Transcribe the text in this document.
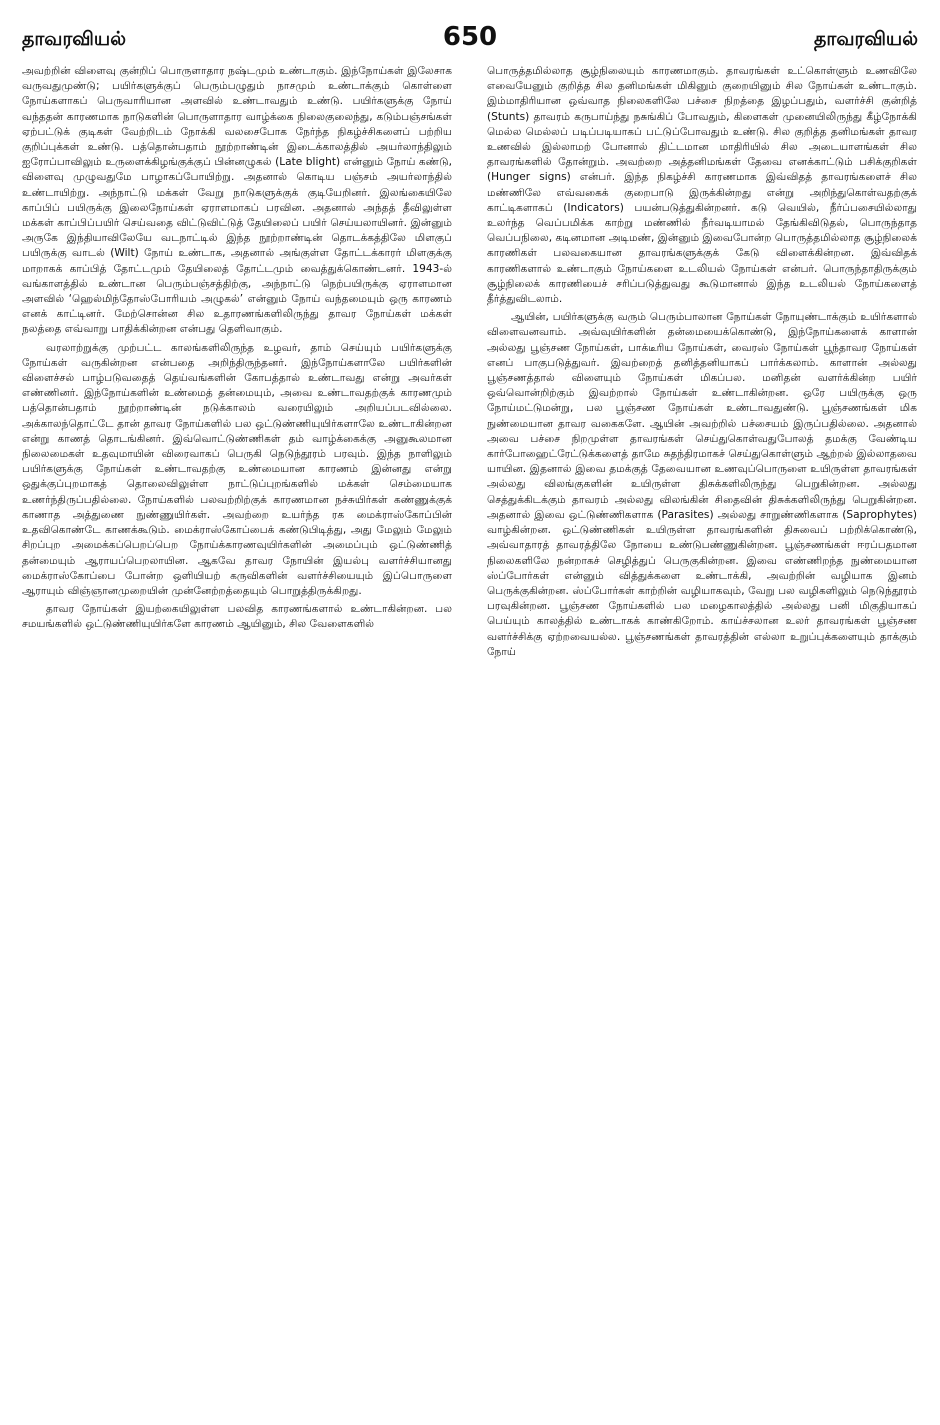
தாவரவியல்	650	தாவரவியல்

அவற்றின் விளைவு குன்றிப் பொருளாதார நஷ்டமும் உண்டாகும். இந்நோய்கள் இலேசாக வருவதுமுண்டு; பயிர்களுக்குப் பெரும்பழுதும் நாசமும் உண்டாக்கும் கொள்ளை நோய்களாகப் பெருவாரியான அளவில் உண்டாவதும் உண்டு. பயிர்களுக்கு நோய் வந்ததன் காரணமாக நாடுகளின் பொருளாதார வாழ்க்கை நிலைகுலைந்து, கடும்பஞ்சங்கள் ஏற்பட்டுக் குடிகள் வேற்றிடம் நோக்கி வலசைபோக நேர்ந்த நிகழ்ச்சிகளைப் பற்றிய குறிப்புக்கள் உண்டு. பத்தொன்பதாம் நூற்றாண்டின் இடைக்காலத்தில் அயர்லாந்திலும் ஐரோப்பாவிலும் உருளைக்கிழங்குக்குப் பின்னழுகல் (Late blight) என்னும் நோய் கண்டு, விளைவு முழுவதுமே பாழாகப்போயிற்று. அதனால் கொடிய பஞ்சம் அயர்லாந்தில் உண்டாயிற்று. அந்நாட்டு மக்கள் வேறு நாடுகளுக்குக் குடியேறினர். இலங்கையிலே காப்பிப் பயிருக்கு இலைநோய்கள் ஏராளமாகப் பரவின. அதனால் அந்தத் தீவிலுள்ள மக்கள் காப்பிப்பயிர் செய்வதை விட்டுவிட்டுத் தேயிலைப் பயிர் செய்யலாயினர். இன்னும் அருகே இந்தியாவிலேயே வடநாட்டில் இந்த நூற்றாண்டின் தொடக்கத்திலே மிளகுப் பயிருக்கு வாடல் (Wilt) நோய் உண்டாக, அதனால் அங்குள்ள தோட்டக்காரர் மிளகுக்கு மாறாகக் காப்பித் தோட்டமும் தேயிலைத் தோட்டமும் வைத்துக்கொண்டனர். 1943-ல் வங்காளத்தில் உண்டான பெரும்பஞ்சத்திற்கு, அந்நாட்டு நெற்பயிருக்கு ஏராளமான அளவில் ‘ஹெல்மிந்தோஸ்போரியம் அழுகல்’ என்னும் நோய் வந்தமையும் ஒரு காரணம் எனக் காட்டினர். மேற்சொன்ன சில உதாரணங்களிலிருந்து தாவர நோய்கள் மக்கள் நலத்தை எவ்வாறு பாதிக்கின்றன என்பது தெளிவாகும்.

வரலாற்றுக்கு முற்பட்ட காலங்களிலிருந்த உழவர், தாம் செய்யும் பயிர்களுக்கு நோய்கள் வருகின்றன என்பதை அறிந்திருந்தனர். இந்நோய்களாலே பயிர்களின் விளைச்சல் பாழ்படுவதைத் தெய்வங்களின் கோபத்தால் உண்டாவது என்று அவர்கள் எண்ணினர். இந்நோய்களின் உண்மைத் தன்மையும், அவை உண்டாவதற்குக் காரணமும் பத்தொன்பதாம் நூற்றாண்டின் நடுக்காலம் வரையிலும் அறியப்படவில்லை. அக்காலந்தொட்டே தான் தாவர நோய்களில் பல ஒட்டுண்ணியுயிர்களாலே உண்டாகின்றன என்று காணத் தொடங்கினர். இவ்வொட்டுண்ணிகள் தம் வாழ்க்கைக்கு அனுகூலமான நிலைமைகள் உதவுமாயின் விரைவாகப் பெருகி நெடுந்தூரம் பரவும். இந்த நாளிலும் பயிர்களுக்கு நோய்கள் உண்டாவதற்கு உண்மையான காரணம் இன்னது என்று ஒதுக்குப்புறமாகத் தொலைவிலுள்ள நாட்டுப்புறங்களில் மக்கள் செம்மையாக உணர்ந்திருப்பதில்லை. நோய்களில் பலவற்றிற்குக் காரணமான நச்சுயிர்கள் கண்ணுக்குக் காணாத அத்துணை நுண்ணுயிர்கள். அவற்றை உயர்ந்த ரக மைக்ராஸ்கோப்பின் உதவிகொண்டே காணக்கூடும். மைக்ராஸ்கோப்பைக் கண்டுபிடித்து, அது மேலும் மேலும் சிறப்புற அமைக்கப்பெறப்பெற நோய்க்காரணவுயிர்களின் அமைப்பும் ஒட்டுண்ணித் தன்மையும் ஆராயப்பெறலாயின. ஆகவே தாவர நோயின் இயல்பு வளர்ச்சியானது மைக்ராஸ்கோப்பை போன்ற ஒளியியற் கருவிகளின் வளர்ச்சியையும் இப்பொருளை ஆராயும் விஞ்ஞானமுறையின் முன்னேற்றத்தையும் பொறுத்திருக்கிறது.

தாவர நோய்கள் இயற்கையிலுள்ள பலவித காரணங்களால் உண்டாகின்றன. பல சமயங்களில் ஒட்டுண்ணியுயிர்களே காரணம் ஆயினும், சில வேளைகளில்

பொருத்தமில்லாத சூழ்நிலையும் காரணமாகும். தாவரங்கள் உட்கொள்ளும் உணவிலே எவையேனும் குறித்த சில தனிமங்கள் மிகினும் குறையினும் சில நோய்கள் உண்டாகும். இம்மாதிரியான ஒவ்வாத நிலைகளிலே பச்சை நிறத்தை இழப்பதும், வளர்ச்சி குன்றித் (Stunts) தாவரம் கருபாய்ந்து நசுங்கிப் போவதும், கிளைகள் முனையிலிருந்து கீழ்நோக்கி மெல்ல மெல்லப் படிப்படியாகப் பட்டுப்போவதும் உண்டு. சில குறித்த தனிமங்கள் தாவர உணவில் இல்லாமற் போனால் திட்டமான மாதிரியில் சில அடையாளங்கள் சில தாவரங்களில் தோன்றும். அவற்றை அத்தனிமங்கள் தேவை எனக்காட்டும் பசிக்குறிகள் (Hunger signs) என்பர். இந்த நிகழ்ச்சி காரணமாக இவ்விதத் தாவரங்களைச் சில மண்ணிலே எவ்வகைக் குறைபாடு இருக்கின்றது என்று அறிந்துகொள்வதற்குக் காட்டிகளாகப் (Indicators) பயன்படுத்துகின்றனர். கடு வெயில், நீர்ப்பசையில்லாது உலர்ந்த வெப்பமிக்க காற்று மண்ணில் நீர்வடியாமல் தேங்கிவிடுதல், பொருந்தாத வெப்பநிலை, கடினமான அடிமண், இன்னும் இவைபோன்ற பொருத்தமில்லாத சூழ்நிலைக் காரணிகள் பலவகையான தாவரங்களுக்குக் கேடு விளைக்கின்றன. இவ்விதக் காரணிகளால் உண்டாகும் நோய்களை உடலியல் நோய்கள் என்பர். பொருந்தாதிருக்கும் சூழ்நிலைக் காரணியைச் சரிப்படுத்துவது கூடுமானால் இந்த உடலியல் நோய்களைத் தீர்த்துவிடலாம்.

ஆயின், பயிர்களுக்கு வரும் பெரும்பாலான நோய்கள் நோயுண்டாக்கும் உயிர்களால் விளைவனவாம். அவ்வுயிர்களின் தன்மையைக்கொண்டு, இந்நோய்களைக் காளான் அல்லது பூஞ்சண நோய்கள், பாக்டீரிய நோய்கள், வைரஸ் நோய்கள் பூந்தாவர நோய்கள் எனப் பாகுபடுத்துவர். இவற்றைத் தனித்தனியாகப் பார்க்கலாம். காளான் அல்லது பூஞ்சணத்தால் விளையும் நோய்கள் மிகப்பல. மனிதன் வளர்க்கின்ற பயிர் ஒவ்வொன்றிற்கும் இவற்றால் நோய்கள் உண்டாகின்றன. ஒரே பயிருக்கு ஒரு நோய்மட்டுமன்று, பல பூஞ்சண நோய்கள் உண்டாவதுண்டு. பூஞ்சணங்கள் மிக நுண்மையான தாவர வகைகளே. ஆயின் அவற்றில் பச்சையம் இருப்பதில்லை. அதனால் அவை பச்சை நிறமுள்ள தாவரங்கள் செய்துகொள்வதுபோலத் தமக்கு வேண்டிய கார்போஹைட்ரேட்டுக்களைத் தாமே சுதந்திரமாகச் செய்துகொள்ளும் ஆற்றல் இல்லாதவை யாயின. இதனால் இவை தமக்குத் தேவையான உணவுப்பொருளை உயிருள்ள தாவரங்கள் அல்லது விலங்குகளின் உயிருள்ள திசுக்களிலிருந்து பெறுகின்றன. அல்லது செத்துக்கிடக்கும் தாவரம் அல்லது விலங்கின் சிதைவின் திசுக்களிலிருந்து பெறுகின்றன. அதனால் இவை ஒட்டுண்ணிகளாக (Parasites) அல்லது சாறுண்ணிகளாக (Saprophytes) வாழ்கின்றன. ஒட்டுண்ணிகள் உயிருள்ள தாவரங்களின் திசுவைப் பற்றிக்கொண்டு, அவ்வாதாரத் தாவரத்திலே நோயை உண்டுபண்ணுகின்றன. பூஞ்சணங்கள் ஈரப்பதமான நிலைகளிலே நன்றாகச் செழித்துப் பெருகுகின்றன. இவை எண்ணிறந்த நுண்மையான ஸ்ப்போர்கள் என்னும் வித்துக்களை உண்டாக்கி, அவற்றின் வழியாக இனம் பெருக்குகின்றன. ஸ்ப்போர்கள் காற்றின் வழியாகவும், வேறு பல வழிகளிலும் நெடுந்தூரம் பரவுகின்றன. பூஞ்சண நோய்களில் பல மழைகாலத்தில் அல்லது பனி மிகுதியாகப் பெய்யும் காலத்தில் உண்டாகக் காண்கிறோம். காய்ச்சலான உலர் தாவரங்கள் பூஞ்சண வளர்ச்சிக்கு ஏற்றவையல்ல. பூஞ்சணங்கள் தாவரத்தின் எல்லா உறுப்புக்களையும் தாக்கும் நோய்
